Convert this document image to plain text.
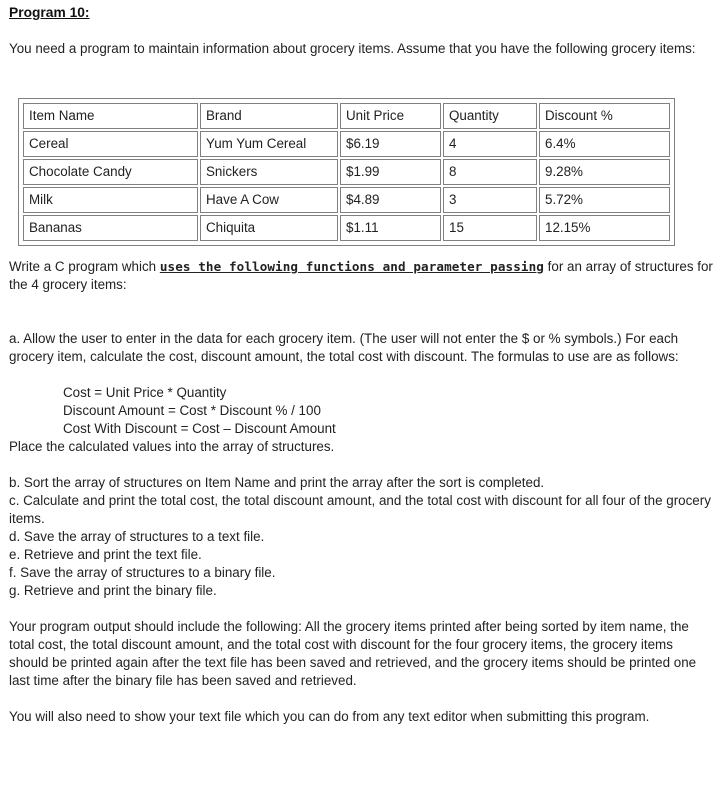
Program 10:

You need a program to maintain information about grocery items. Assume that you have the following grocery items:

Item Name	Brand	Unit Price	Quantity	Discount %
Cereal	Yum Yum Cereal	$6.19	4	6.4%
Chocolate Candy	Snickers	$1.99	8	9.28%
Milk	Have A Cow	$4.89	3	5.72%
Bananas	Chiquita	$1.11	15	12.15%

Write a C program which uses the following functions and parameter passing for an array of structures for the 4 grocery items:

a. Allow the user to enter in the data for each grocery item. (The user will not enter the $ or % symbols.) For each grocery item, calculate the cost, discount amount, the total cost with discount. The formulas to use are as follows:

Cost = Unit Price * Quantity
Discount Amount = Cost * Discount % / 100
Cost With Discount = Cost – Discount Amount

Place the calculated values into the array of structures.

b. Sort the array of structures on Item Name and print the array after the sort is completed.
c. Calculate and print the total cost, the total discount amount, and the total cost with discount for all four of the grocery items.
d. Save the array of structures to a text file.
e. Retrieve and print the text file.
f. Save the array of structures to a binary file.
g. Retrieve and print the binary file.

Your program output should include the following: All the grocery items printed after being sorted by item name, the total cost, the total discount amount, and the total cost with discount for the four grocery items, the grocery items should be printed again after the text file has been saved and retrieved, and the grocery items should be printed one last time after the binary file has been saved and retrieved.

You will also need to show your text file which you can do from any text editor when submitting this program.
